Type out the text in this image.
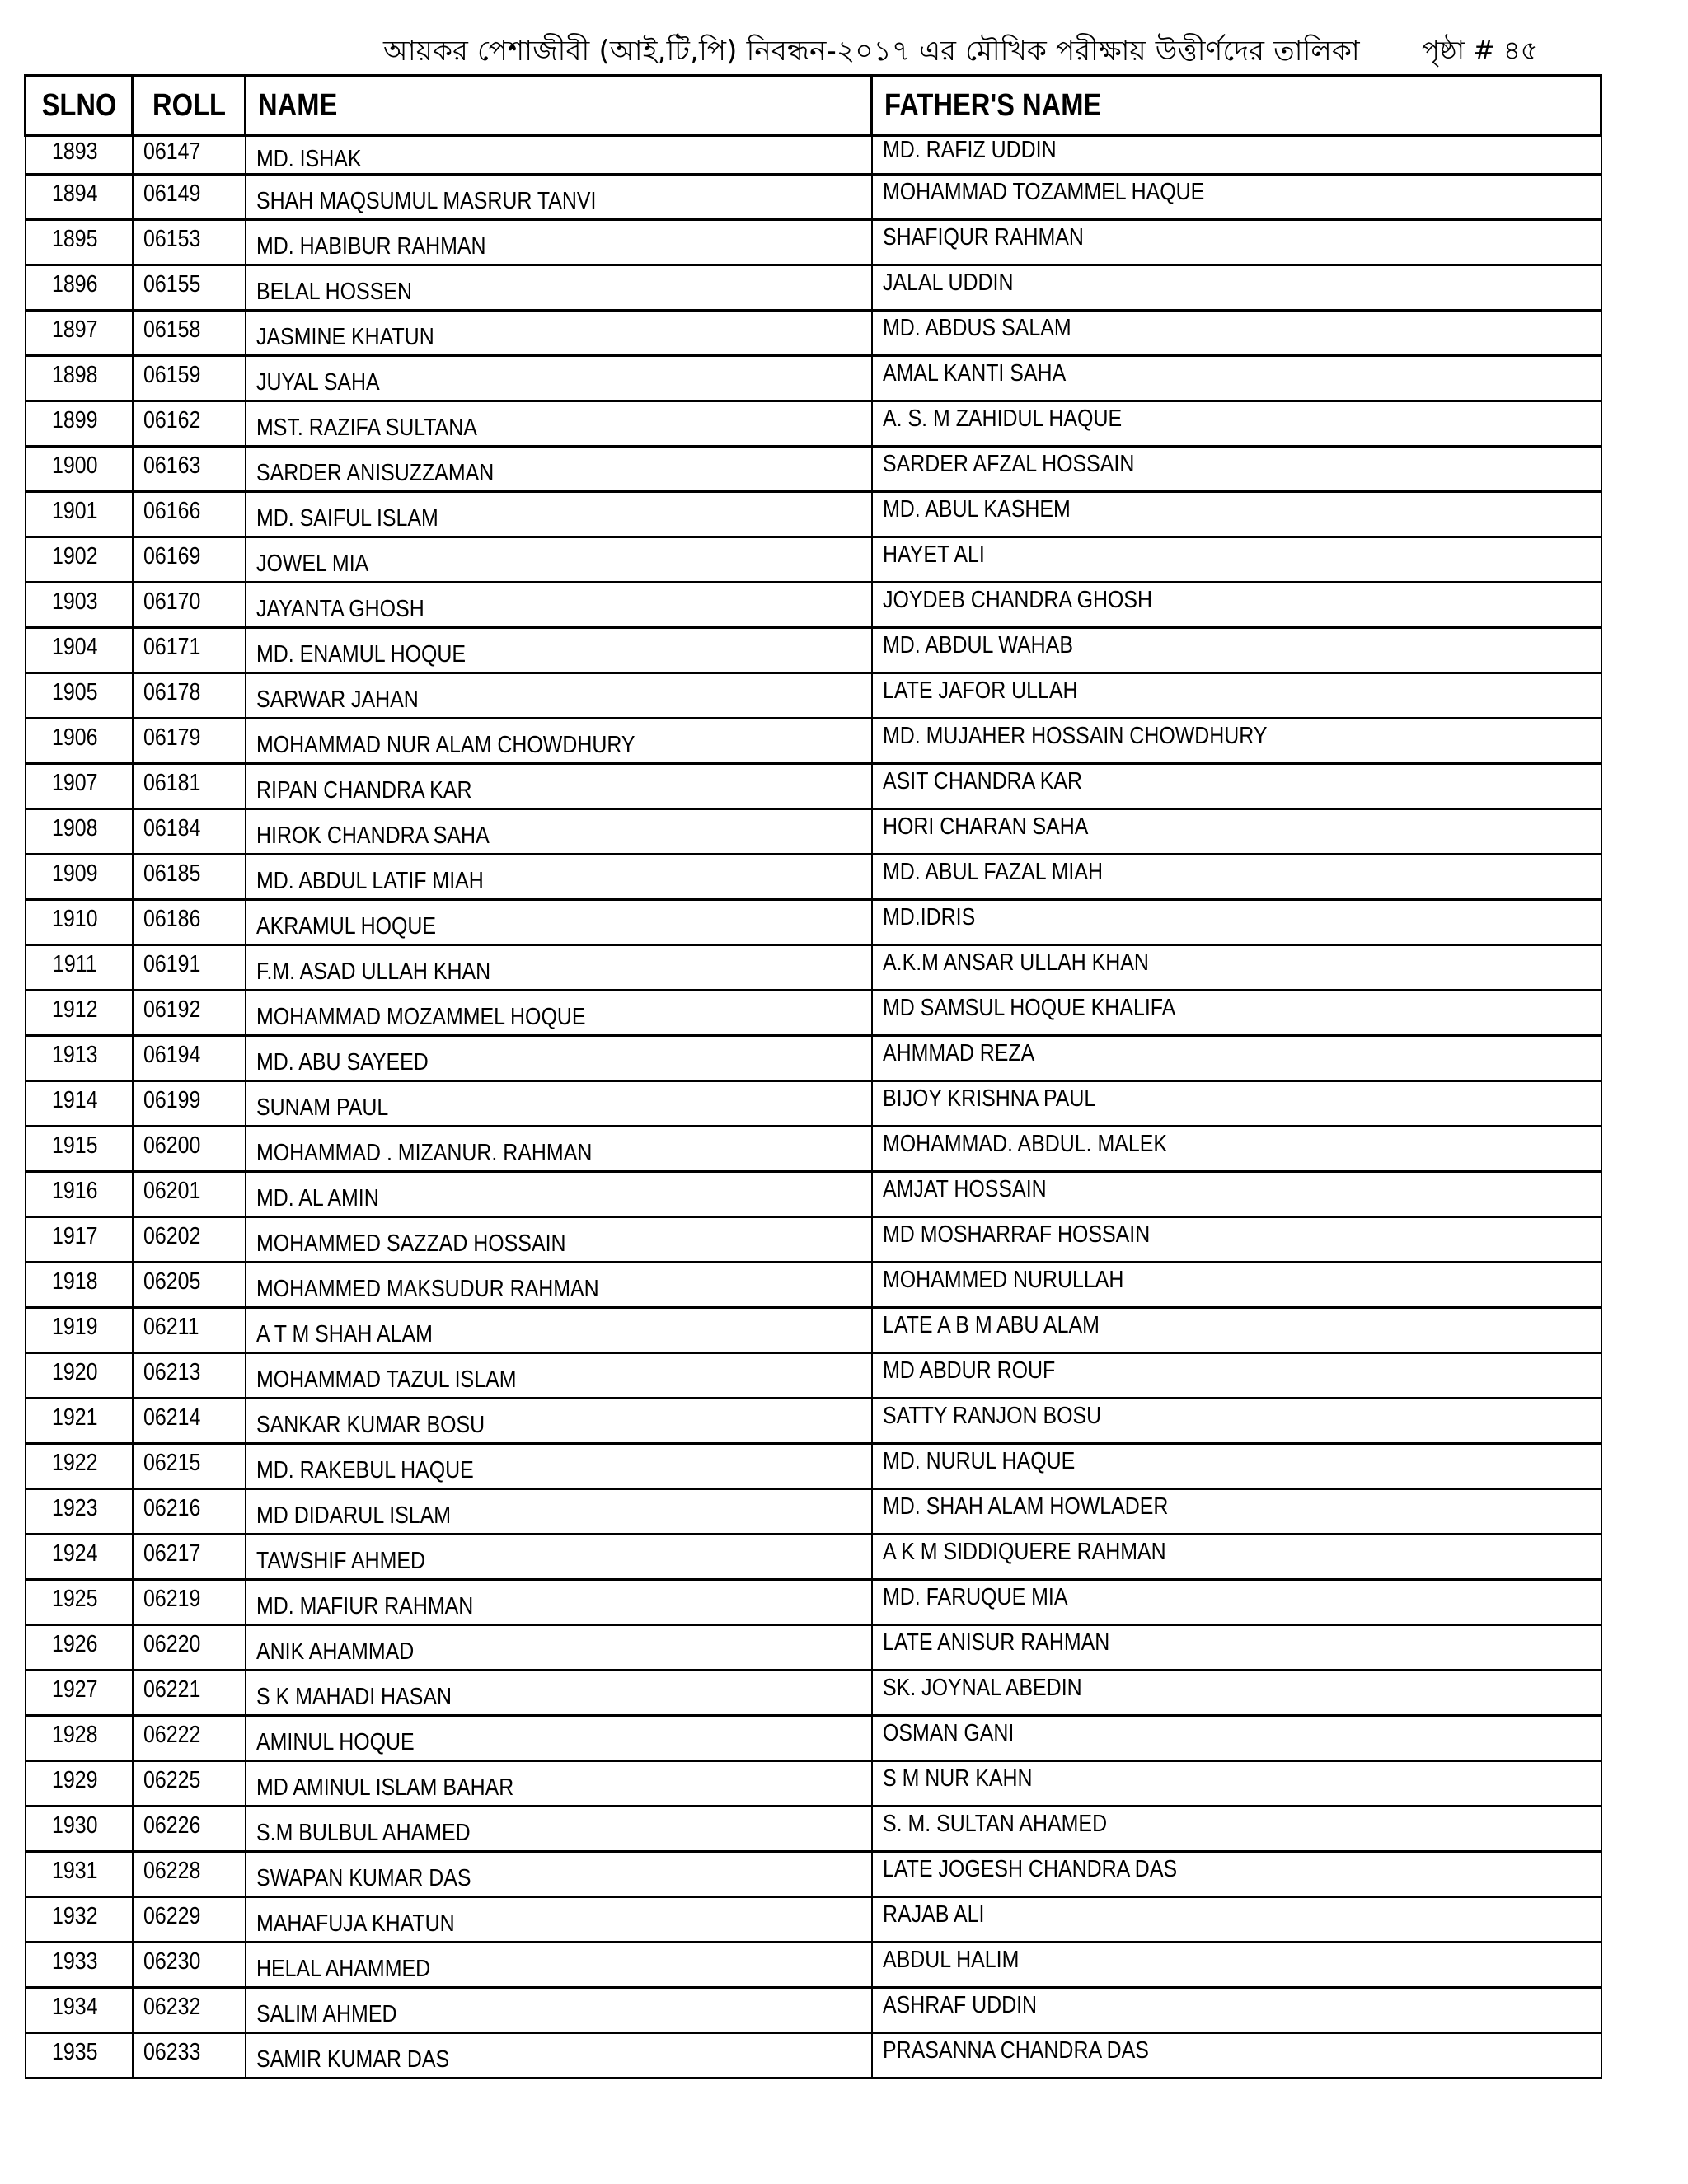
আয়কর পেশাজীবী (আই,টি,পি) নিবন্ধন-২০১৭ এর মৌখিক পরীক্ষায় উত্তীর্ণদের তালিকা পৃষ্ঠা # ৪৫
SLNO	ROLL	NAME	FATHER'S NAME
1893	06147	MD. ISHAK	MD. RAFIZ UDDIN
1894	06149	SHAH MAQSUMUL MASRUR TANVI	MOHAMMAD TOZAMMEL HAQUE
1895	06153	MD. HABIBUR RAHMAN	SHAFIQUR RAHMAN
1896	06155	BELAL HOSSEN	JALAL UDDIN
1897	06158	JASMINE KHATUN	MD. ABDUS SALAM
1898	06159	JUYAL SAHA	AMAL KANTI SAHA
1899	06162	MST. RAZIFA SULTANA	A. S. M ZAHIDUL HAQUE
1900	06163	SARDER ANISUZZAMAN	SARDER AFZAL HOSSAIN
1901	06166	MD. SAIFUL ISLAM	MD. ABUL KASHEM
1902	06169	JOWEL MIA	HAYET ALI
1903	06170	JAYANTA GHOSH	JOYDEB CHANDRA GHOSH
1904	06171	MD. ENAMUL HOQUE	MD. ABDUL WAHAB
1905	06178	SARWAR JAHAN	LATE JAFOR ULLAH
1906	06179	MOHAMMAD NUR ALAM CHOWDHURY	MD. MUJAHER HOSSAIN CHOWDHURY
1907	06181	RIPAN CHANDRA KAR	ASIT CHANDRA KAR
1908	06184	HIROK CHANDRA SAHA	HORI CHARAN SAHA
1909	06185	MD. ABDUL LATIF MIAH	MD. ABUL FAZAL MIAH
1910	06186	AKRAMUL HOQUE	MD.IDRIS
1911	06191	F.M. ASAD ULLAH KHAN	A.K.M ANSAR ULLAH KHAN
1912	06192	MOHAMMAD MOZAMMEL HOQUE	MD SAMSUL HOQUE KHALIFA
1913	06194	MD. ABU SAYEED	AHMMAD REZA
1914	06199	SUNAM PAUL	BIJOY KRISHNA PAUL
1915	06200	MOHAMMAD . MIZANUR. RAHMAN	MOHAMMAD. ABDUL. MALEK
1916	06201	MD. AL AMIN	AMJAT HOSSAIN
1917	06202	MOHAMMED SAZZAD HOSSAIN	MD MOSHARRAF HOSSAIN
1918	06205	MOHAMMED MAKSUDUR RAHMAN	MOHAMMED NURULLAH
1919	06211	A T M SHAH ALAM	LATE A B M ABU ALAM
1920	06213	MOHAMMAD TAZUL ISLAM	MD ABDUR ROUF
1921	06214	SANKAR KUMAR BOSU	SATTY RANJON BOSU
1922	06215	MD. RAKEBUL HAQUE	MD. NURUL HAQUE
1923	06216	MD DIDARUL ISLAM	MD. SHAH ALAM HOWLADER
1924	06217	TAWSHIF AHMED	A K M SIDDIQUERE RAHMAN
1925	06219	MD. MAFIUR RAHMAN	MD. FARUQUE MIA
1926	06220	ANIK AHAMMAD	LATE ANISUR RAHMAN
1927	06221	S K MAHADI HASAN	SK. JOYNAL ABEDIN
1928	06222	AMINUL HOQUE	OSMAN GANI
1929	06225	MD AMINUL ISLAM BAHAR	S M NUR KAHN
1930	06226	S.M BULBUL AHAMED	S. M. SULTAN AHAMED
1931	06228	SWAPAN KUMAR DAS	LATE JOGESH CHANDRA DAS
1932	06229	MAHAFUJA KHATUN	RAJAB ALI
1933	06230	HELAL AHAMMED	ABDUL HALIM
1934	06232	SALIM AHMED	ASHRAF UDDIN
1935	06233	SAMIR KUMAR DAS	PRASANNA CHANDRA DAS
